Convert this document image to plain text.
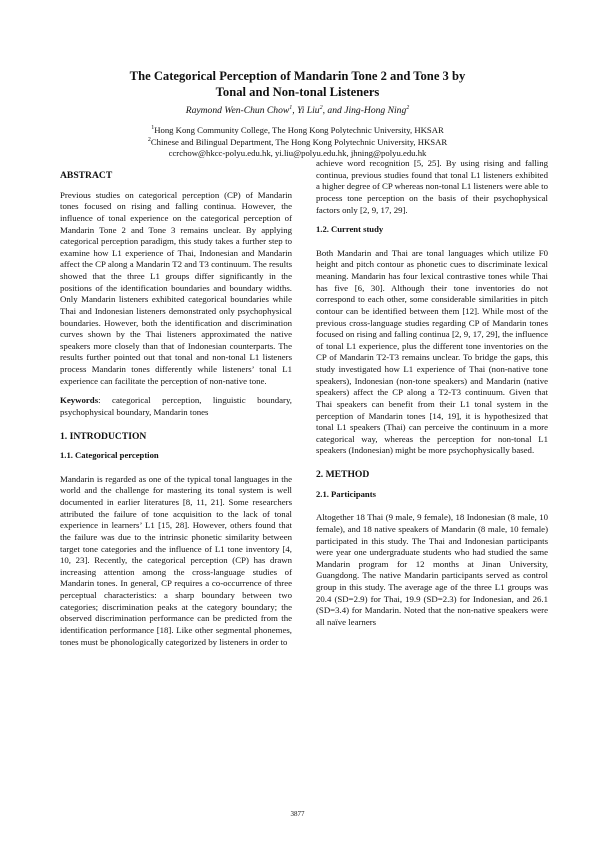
The Categorical Perception of Mandarin Tone 2 and Tone 3 by
Tonal and Non-tonal Listeners
Raymond Wen-Chun Chow$^1$, Yi Liu$^2$, and Jing-Hong Ning$^2$
$^1$Hong Kong Community College, The Hong Kong Polytechnic University, HKSAR
$^2$Chinese and Bilingual Department, The Hong Kong Polytechnic University, HKSAR
ccrchow@hkcc-polyu.edu.hk, yi.liu@polyu.edu.hk, jhning@polyu.edu.hk

ABSTRACT

Previous studies on categorical perception (CP) of Mandarin tones focused on rising and falling continua. However, the influence of tonal experience on the categorical perception of Mandarin Tone 2 and Tone 3 remains unclear. By applying categorical perception paradigm, this study takes a further step to examine how L1 experience of Thai, Indonesian and Mandarin affect the CP along a Mandarin T2 and T3 continuum. The results showed that the three L1 groups differ significantly in the positions of the identification boundaries and boundary widths. Only Mandarin listeners exhibited categorical boundaries while Thai and Indonesian listeners demonstrated only psychophysical boundaries. However, both the identification and discrimination curves shown by the Thai listeners approximated the native speakers more closely than that of Indonesian counterparts. The results further pointed out that tonal and non-tonal L1 listeners process Mandarin tones differently while listeners’ tonal L1 experience can facilitate the perception of non-native tone.

Keywords: categorical perception, linguistic boundary, psychophysical boundary, Mandarin tones

1. INTRODUCTION

1.1. Categorical perception

Mandarin is regarded as one of the typical tonal languages in the world and the challenge for mastering its tonal system is well documented in earlier literatures [8, 11, 21]. Some researchers attributed the failure of tone acquisition to the lack of tonal experience in learners’ L1 [15, 28]. However, others found that the failure was due to the intrinsic phonetic similarity between target tone categories and the influence of L1 tone inventory [4, 10, 23]. Recently, the categorical perception (CP) has drawn increasing attention among the cross-language studies of Mandarin tones. In general, CP requires a co-occurrence of three perceptual characteristics: a sharp boundary between two categories; discrimination peaks at the category boundary; the observed discrimination performance can be predicted from the identification performance [18]. Like other segmental phonemes, tones must be phonologically categorized by listeners in order to

achieve word recognition [5, 25]. By using rising and falling continua, previous studies found that tonal L1 listeners exhibited a higher degree of CP whereas non-tonal L1 listeners were able to process tone perception on the basis of their psychophysical factors only [2, 9, 17, 29].

1.2. Current study

Both Mandarin and Thai are tonal languages which utilize F0 height and pitch contour as phonetic cues to discriminate lexical meaning. Mandarin has four lexical contrastive tones while Thai has five [6, 30]. Although their tone inventories do not correspond to each other, some considerable similarities in pitch contour can be identified between them [12]. While most of the previous cross-language studies regarding CP of Mandarin tones focused on rising and falling continua [2, 9, 17, 29], the influence of tonal L1 experience, plus the different tone inventories on the CP of Mandarin T2-T3 remains unclear. To bridge the gaps, this study investigated how L1 experience of Thai (non-native tone speakers), Indonesian (non-tone speakers) and Mandarin (native speakers) affect the CP along a T2-T3 continuum. Given that Thai speakers can benefit from their L1 tonal system in the perception of Mandarin tones [14, 19], it is hypothesized that tonal L1 speakers (Thai) can perceive the continuum in a more categorical way, whereas the perception for non-tonal L1 speakers (Indonesian) might be more psychophysically based.

2. METHOD

2.1. Participants

Altogether 18 Thai (9 male, 9 female), 18 Indonesian (8 male, 10 female), and 18 native speakers of Mandarin (8 male, 10 female) participated in this study. The Thai and Indonesian participants were year one undergraduate students who had studied the same Mandarin program for 12 months at Jinan University, Guangdong. The native Mandarin participants served as control group in this study. The average age of the three L1 groups was 20.4 (SD=2.9) for Thai, 19.9 (SD=2.3) for Indonesian, and 26.1 (SD=3.4) for Mandarin. Noted that the non-native speakers were all naïve learners

3877
